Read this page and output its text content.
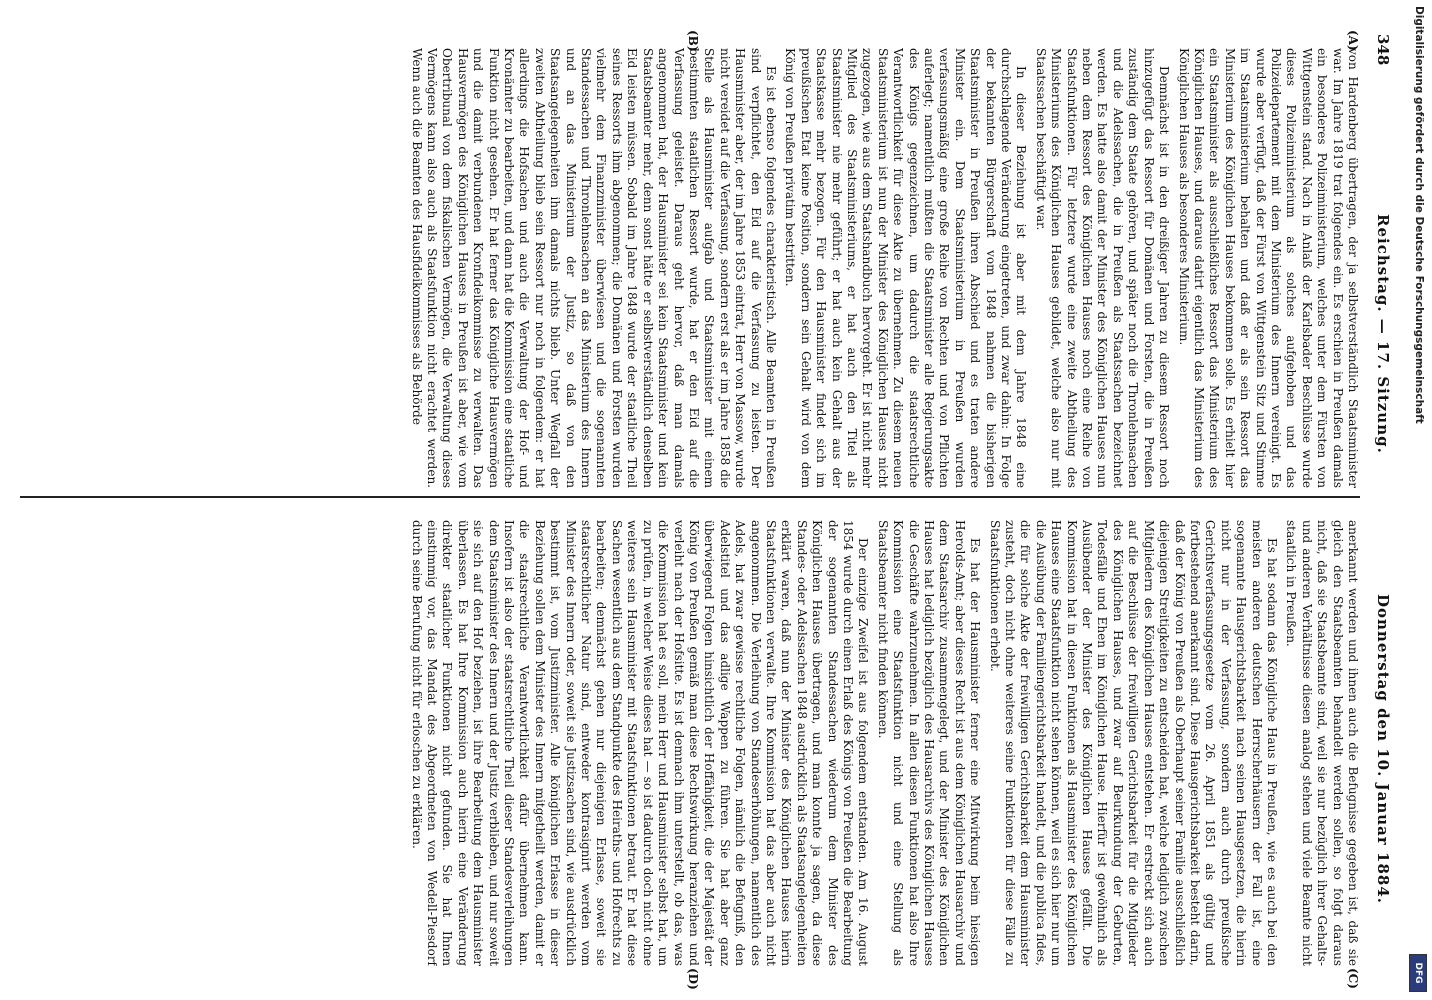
348
Reichstag. — 17. Sitzung.
Donnerstag den 10. Januar 1884.
(A)
(B)
(C)
(D)

von Hardenberg übertragen, der ja selbstverständlich Staatsminister war. Im Jahre 1819 trat folgendes ein. Es erschien in Preußen damals ein besonderes Polizeiministerium, welches unter dem Fürsten von Wittgenstein stand. Nach in Anlaß der Karlsbader Beschlüsse wurde dieses Polizeiministerium als solches aufgehoben und das Polizeidepartement mit dem Ministerium des Innern vereinigt. Es wurde aber verfügt, daß der Fürst von Wittgenstein Sitz und Stimme im Staatsministerium behalten und daß er als sein Ressort das Ministerium des Königlichen Hauses bekommen solle. Es erhielt hier ein Staatsminister als ausschließliches Ressort das Ministerium des Königlichen Hauses, und daraus datirt eigentlich das Ministerium des Königlichen Hauses als besonderes Ministerium.

Demnächst ist in den dreißiger Jahren zu diesem Ressort noch hinzugefügt das Ressort für Domänen und Forsten, die in Preußen zuständig dem Staate gehören, und später noch die Thronlehnsachen und die Adelssachen, die in Preußen als Staatssachen bezeichnet werden. Es hatte also damit der Minister des Königlichen Hauses nun neben dem Ressort des Königlichen Hauses noch eine Reihe von Staatsfunktionen. Für letztere wurde eine zweite Abtheilung des Ministeriums des Königlichen Hauses gebildet, welche also nur mit Staatssachen beschäftigt war.

In dieser Beziehung ist aber mit dem Jahre 1848 eine durchschlagende Veränderung eingetreten, und zwar dahin: In Folge der bekannten Bürgerschaft vom 1848 nahmen die bisherigen Staatsminister in Preußen ihren Abschied und es traten andere Minister ein. Dem Staatsministerium in Preußen wurden verfassungsmäßig eine große Reihe von Rechten und von Pflichten auferlegt; namentlich mußten die Staatsminister alle Regierungsakte des Königs gegenzeichnen, um dadurch die staatsrechtliche Verantwortlichkeit für diese Akte zu übernehmen. Zu diesem neuen Staatsministerium ist nun der Minister des Königlichen Hauses nicht zugezogen, wie aus dem Staatshandbuch hervorgeht. Er ist nicht mehr Mitglied des Staatsministeriums, er hat auch den Titel als Staatsminister nie mehr geführt; er hat auch kein Gehalt aus der Staatskasse mehr bezogen. Für den Hausminister findet sich im preußischen Etat keine Position, sondern sein Gehalt wird von dem König von Preußen privatim bestritten.

Es ist ebenso folgendes charakteristisch. Alle Beamten in Preußen sind verpflichtet, den Eid auf die Verfassung zu leisten. Der Hausminister aber, der im Jahre 1853 eintrat, Herr von Massow, wurde nicht vereidet auf die Verfassung, sondern erst als er im Jahre 1858 die Stelle als Hausminister aufgab und Staatsminister mit einem bestimmten staatlichen Ressort wurde, hat er den Eid auf die Verfassung geleistet. Daraus geht hervor, daß man damals angenommen hat, der Hausminister sei kein Staatsminister und kein Staatsbeamter mehr, denn sonst hätte er selbstverständlich denselben Eid leisten müssen. Sobald im Jahre 1848 wurde der staatliche Theil seines Ressorts ihm abgenommen; die Domänen und Forsten wurden vielmehr dem Finanzminister überwiesen und die sogenannten Standessachen und Thronlehnsachen an das Ministerium des Innern und an das Ministerium der Justiz, so daß von den Staatsangelegenheiten ihm damals nichts blieb. Unter Wegfall der zweiten Abtheilung blieb sein Ressort nur noch in folgendem: er hat allerdings die Hofsachen und auch die Verwaltung der Hof- und Kronämter zu bearbeiten, und dann hat die Kommission eine staatliche Funktion nicht gesehen. Er hat ferner das Königliche Hausvermögen und die damit verbundenen Kronfideikommisse zu verwalten. Das Hausvermögen des Königlichen Hauses in Preußen ist aber, wie vom Obertribunal von dem fiskalischen Vermögen, die Verwaltung dieses Vermögens kann also auch als Staatsfunktion nicht erachtet werden. Wenn auch die Beamten des Hausfideikommisses als Behörde

anerkannt werden und ihnen auch die Befugnisse gegeben ist, daß sie gleich den Staatsbeamten behandelt werden sollen, so folgt daraus nicht, daß sie Staatsbeamte sind, weil sie nur bezüglich ihrer Gehalts- und anderen Verhältnisse diesen analog stehen und viele Beamte nicht staatlich in Preußen.

Es hat sodann das Königliche Haus in Preußen, wie es auch bei den meisten anderen deutschen Herrscherhäusern der Fall ist, eine sogenannte Hausgerichtsbarkeit nach seinen Hausgesetzen, die hierin nicht nur in der Verfassung, sondern auch durch preußische Gerichtsverfassungsgesetze vom 26. April 1851 als gültig und fortbestehend anerkannt sind. Diese Hausgerichtsbarkeit besteht darin, daß der König von Preußen als Oberhaupt seiner Familie ausschließlich diejenigen Streitigkeiten zu entscheiden hat, welche lediglich zwischen Mitgliedern des Königlichen Hauses entstehen. Er erstreckt sich auch auf die Beschlüsse der freiwilligen Gerichtsbarkeit für die Mitglieder des Königlichen Hauses, und zwar auf Beurkundung der Geburten, Todesfälle und Ehen im Königlichen Hause. Hierfür ist gewöhnlich als Ausübender der Minister des Königlichen Hauses gefällt. Die Kommission hat in diesen Funktionen als Hausminister des Königlichen Hauses eine Staatsfunktion nicht sehen können, weil es sich hier nur um die Ausübung der Familiengerichtsbarkeit handelt, und die publica fides, die für solche Akte der freiwilligen Gerichtsbarkeit dem Hausminister zusteht, doch nicht ohne weiteres seine Funktionen für diese Fälle zu Staatsfunktionen erhebt.

Es hat der Hausminister ferner eine Mitwirkung beim hiesigen Herolds-Amt; aber dieses Recht ist aus dem Königlichen Hausarchiv und dem Staatsarchiv zusammengelegt, und der Minister des Königlichen Hauses hat lediglich bezüglich des Hausarchivs des Königlichen Hauses die Geschäfte wahrzunehmen. In allen diesen Funktionen hat also Ihre Kommission eine Staatsfunktion nicht und eine Stellung als Staatsbeamter nicht finden können.

Der einzige Zweifel ist aus folgendem entstanden. Am 16. August 1854 wurde durch einen Erlaß des Königs von Preußen die Bearbeitung der sogenannten Standessachen wiederum dem Minister des Königlichen Hauses übertragen, und man konnte ja sagen, da diese Standes- oder Adelssachen 1848 ausdrücklich als Staatsangelegenheiten erklärt waren, daß nun der Minister des Königlichen Hauses hierin Staatsfunktionen verwalte. Ihre Kommission hat das aber auch nicht angenommen. Die Verleihung von Standeserhöhungen, namentlich des Adels, hat zwar gewisse rechtliche Folgen, nämlich die Befugniß, den Adelstitel und das adlige Wappen zu führen. Sie hat aber ganz überwiegend Folgen hinsichtlich der Hoffähigkeit, die der Majestät der König von Preußen gemäß man diese Rechtswirkung heranziehen und verleiht nach der Hofsitte. Es ist demnach ihm unterstellt, ob das, was die Kommission hat es soll, mein Herr und Hausminister selbst hat, um zu prüfen, in welcher Weise dieses hat — so ist dadurch doch nicht ohne weiteres sein Hausminister mit Staatsfunktionen betraut. Er hat diese Sachen wesentlich aus dem Standpunkte des Heiraths- und Hofrechts zu bearbeiten; demnächst gehen nur diejenigen Erlasse, soweit sie staatsrechtlicher Natur sind, entweder kontrasignirt werden vom Minister des Innern oder, soweit sie Justizsachen sind, wie ausdrücklich bestimmt ist, vom Justizminister. Alle königlichen Erlasse in dieser Beziehung sollen dem Minister des Innern mitgetheilt werden, damit er die staatsrechtliche Verantwortlichkeit dafür übernehmen kann. Insofern ist also der staatsrechtliche Theil dieser Standesverleihungen dem Staatsminister des Innern und der Justiz verblieben, und nur soweit sie sich auf den Hof beziehen, ist ihre Bearbeitung dem Hausminister überlassen. Es hat Ihre Kommission auch hierin eine Veränderung direkter staatlicher Funktionen nicht gefunden. Sie hat Ihnen einstimmig vor, das Mandat des Abgeordneten von Wedell-Piesdorf durch seine Berufung nicht für erloschen zu erklären.

Digitalisierung gefördert durch die Deutsche Forschungsgemeinschaft
DFG
